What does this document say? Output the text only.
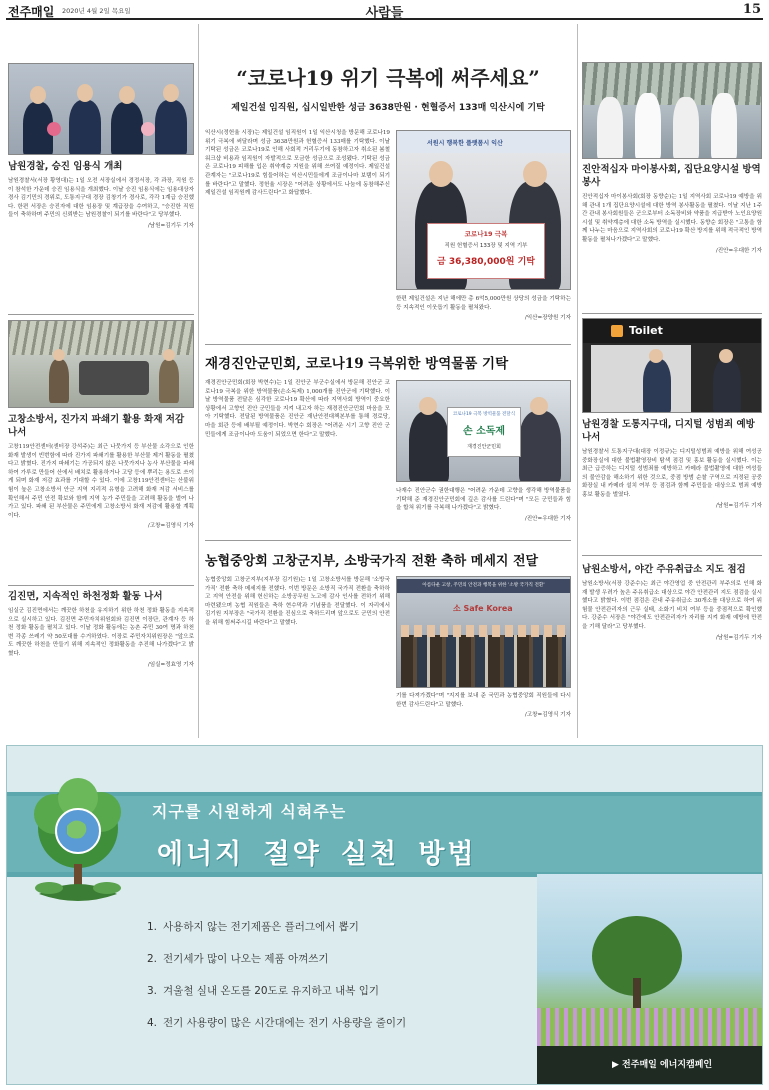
전주매일 2020년 4월 2일 목요일	사람들	15
남원경찰, 승진 임용식 개최
남원경찰서(서장 황영대)는 1일 오전 서장실에서 경정서장, 각 과장, 직원 등이 참석한 가운데 승진 임용식을 개최했다. 이날 승진 임용식에는 임용대상자 경사 김기민의 경위로, 도통지구대 경장 김창기가 경사로, 각각 1계급 승진했다. 한편 서장은 승진자에 대한 임용장 및 계급장을 수여하고, "승진한 직원들이 축하하며 주민의 신뢰받는 남원경찰이 되기를 바란다"고 당부했다.
/남원=김기두 기자
고창소방서, 진가지 파쇄기 활용 화재 저감 나서
고창119안전센터(센터장 강석주)는 최근 나뭇가지 등 부산물 소각으로 인한 화재 발생이 빈번함에 따라 진가지 파쇄기를 활용한 부산물 제거 활동을 펼쳤다고 밝혔다. 진가지 파쇄기는 가공되지 않은 나뭇가지나 농사 부산물을 파쇄하여 가루로 만들어 산에서 배치로 활용하거나 고당 등에 뿌리는 용도로 쓰이게 되며 화재 저감 효과를 기대할 수 있다. 이에 고창119안전센터는 산불위험이 높은 고창소방서 안군 지역 지리적 유형을 고려해 화재 저감 서비스를 확인해서 주민 안전 확보와 함께 지역 농가 주민들을 고려해 활동을 벌여 나가고 있다. 파쇄 된 부산물은 주민에게 고창소방서 화재 저감에 활용할 계획이다.
/고창=김영식 기자
김진면, 지속적인 하천정화 활동 나서
임실군 김진면에서는 깨끗한 하천을 유지하기 위한 하천 정화 활동을 지속적으로 실시하고 있다. 김진면 주민자치위원회와 김진면 이장단, 관계자 등 하천 정화 활동을 펼치고 있다. 이날 정화 활동에는 농촌 주민 30여 명과 하천변 각종 쓰레기 약 50포대를 수거하였다. 이장로 주민자치위원장은 "앞으로도 깨끗한 하천을 만들기 위해 지속적인 정화활동을 추진해 나가겠다"고 밝혔다.
/임실=정효영 기자
“코로나19 위기 극복에 써주세요”
제일건설 임직원, 십시일반한 성금 3638만원 · 현혈증서 133매 익산시에 기탁
익산시(정헌율 시장)는 제일건설 임직원이 1일 익산시청을 방문해 코로나19 위기 극복에 써달라며 성금 3638만원과 헌혈증서 133매를 기탁했다. 이날 기탁된 성금은 코로나19로 인해 사회적 거리두기에 동참하고자 취소된 봄철 워크샵 비용과 임직원이 자발적으로 모금한 성금으로 조성됐다. 기탁된 성금은 코로나19 피해를 입은 취약계층 지원을 위해 쓰여질 예정이다. 제일건설 관계자는 "코로나19로 힘들어하는 익산시민들에게 조금이나마 보탬이 되기를 바란다"고 말했다. 정헌율 시장은 "어려운 상황에서도 나눔에 동참해주신 제일건설 임직원께 감사드린다"고 화답했다.
서원시 행복한 플랫폼시 익산
코로나19 극복
직원 헌혈증서 133장 및 지역 기부
금 36,380,000원 기탁
한편 제일건설은 지난 해에만 총 6억5,000만원 상당의 성금을 기탁하는 등 지속적인 이웃돕기 활동을 펼쳐왔다.
/익산=장양원 기자
재경진안군민회, 코로나19 극복위한 방역물품 기탁
재경진안군민회(회장 박현수)는 1일 진안군 부군수실에서 방문해 진안군 코로나19 극복을 위한 방역물품(손소독제) 1,000개를 진안군에 기탁했다. 이날 방역물품 전달은 심각한 코로나19 확산에 따라 지역사회 방역이 중요한 상황에서 고향인 진안 군민들을 지켜 내고자 하는 재경진안군민회 마음을 모아 기탁했다. 전달된 방역물품은 진안군 재난안전대책본부를 통해 경로당, 마을 회관 등에 배부될 예정이다. 박현수 회장은 "어려운 시기 고향 진안 군민들에게 조금이나마 도움이 되었으면 한다"고 말했다.
코로나19 극복 방역물품 전달식
손 소독제
재경진안군민회
나재수 진안군수 권한대행은 "어려운 가운데 고향을 생각해 방역물품을 기탁해 준 재경진안군민회에 깊은 감사를 드린다"며 "모든 군민들과 힘을 합쳐 위기를 극복해 나가겠다"고 밝혔다.
/진안=우대한 기자
농협중앙회 고창군지부, 소방국가직 전환 축하 메세지 전달
농협중앙회 고창군지부(지부장 김기원)는 1일 고창소방서를 방문해 '소방국가직' 전환 축하 메세지를 전했다. 이번 방문은 소방직 국가직 전환을 축하하고 지역 안전을 위해 헌신하는 소방공무원 노고에 감사 인사를 전하기 위해 마련됐으며 농협 직원들은 축하 현수막과 기념품을 전달했다. 이 자리에서 김기원 지부장은 "국가직 전환을 진심으로 축하드리며 앞으로도 군민의 안전을 위해 힘써주시길 바란다"고 말했다.
아름다운 고창, 주민의 안전과 행복을 위한 '소방 국가직 전환'
소 Safe Korea
기를 다져가겠다"며 "지지를 보내 준 국민과 농협중앙회 직원들에 다시한번 감사드린다"고 말했다.
/고창=김영식 기자
진안적십자 마이봉사회, 집단요양시설 방역 봉사
진안적십자 마이봉사회(회장 동향순)는 1일 지역사회 코로나19 예방을 위해 관내 1개 집단요양시설에 대한 방역 봉사활동을 펼쳤다. 이날 지난 1주간 관내 봉사회원들은 군으로부터 소독장비와 약품을 지급받아 노인요양원 시설 및 취약계층에 대한 소독 방역을 실시했다. 동향순 회장은 "고통을 함께 나누는 마음으로 지역사회의 코로나19 확산 방지를 위해 적극적인 방역 활동을 펼쳐나가겠다"고 말했다.
/진안=우대한 기자
Toilet
남원경찰 도통지구대, 디지털 성범죄 예방 나서
남원경찰서 도통지구대(대장 이정규)는 디지털성범죄 예방을 위해 여성공중화장실에 대한 불법촬영장비 탐색 점검 및 홍보 활동을 실시했다. 이는 최근 급증하는 디지털 성범죄를 예방하고 카메라 불법촬영에 대한 여성들의 불안감을 해소하기 위한 것으로, 중점 방범 순찰 구역으로 지정된 공중화장실 내 카메라 설치 여부 등 점검과 함께 주민들을 대상으로 범죄 예방 홍보 활동을 벌였다.
/남원=김기두 기자
남원소방서, 야간 주유취급소 지도 점검
남원소방서(서장 강준수)는 최근 야간영업 중 안전관리 부주의로 인해 화재 발생 우려가 높은 주유취급소 대상으로 야간 안전관리 지도 점검을 실시했다고 밝혔다. 이번 점검은 관내 주유취급소 30개소를 대상으로 하여 위험물 안전관리자의 근무 실태, 소화기 비치 여부 등을 중점적으로 확인했다. 강준수 서장은 "야간에도 안전관리자가 자리를 지켜 화재 예방에 만전을 기해 달라"고 당부했다.
/남원=김기두 기자
지구를 시원하게 식혀주는
에너지 절약 실천 방법
1. 사용하지 않는 전기제품은 플러그에서 뽑기
2. 전기세가 많이 나오는 제품 아껴쓰기
3. 겨울철 실내 온도를 20도로 유지하고 내복 입기
4. 전기 사용량이 많은 시간대에는 전기 사용량을 줄이기
▶ 전주매일 에너지캠페인
